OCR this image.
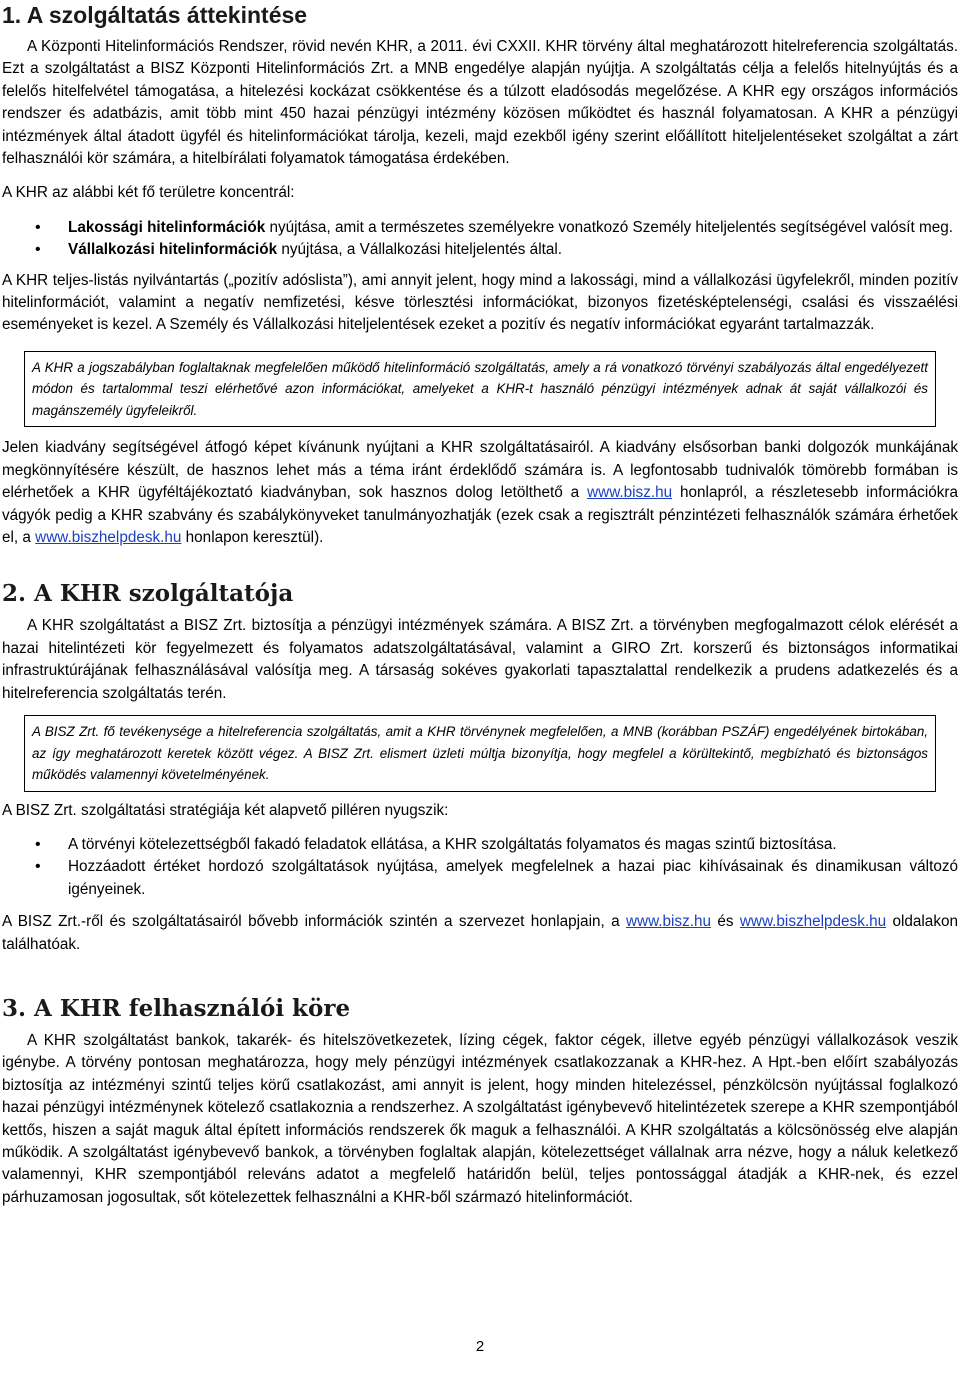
1. A szolgáltatás áttekintése

A Központi Hitelinformációs Rendszer, rövid nevén KHR, a 2011. évi CXXII. KHR törvény által meghatározott hitelreferencia szolgáltatás. Ezt a szolgáltatást a BISZ Központi Hitelinformációs Zrt. a MNB engedélye alapján nyújtja. A szolgáltatás célja a felelős hitelnyújtás és a felelős hitelfelvétel támogatása, a hitelezési kockázat csökkentése és a túlzott eladósodás megelőzése. A KHR egy országos információs rendszer és adatbázis, amit több mint 450 hazai pénzügyi intézmény közösen működtet és használ folyamatosan. A KHR a pénzügyi intézmények által átadott ügyfél és hitelinformációkat tárolja, kezeli, majd ezekből igény szerint előállított hiteljelentéseket szolgáltat a zárt felhasználói kör számára, a hitelbírálati folyamatok támogatása érdekében.

A KHR az alábbi két fő területre koncentrál:

• Lakossági hitelinformációk nyújtása, amit a természetes személyekre vonatkozó Személy hiteljelentés segítségével valósít meg.
• Vállalkozási hitelinformációk nyújtása, a Vállalkozási hiteljelentés által.

A KHR teljes-listás nyilvántartás („pozitív adóslista”), ami annyit jelent, hogy mind a lakossági, mind a vállalkozási ügyfelekről, minden pozitív hitelinformációt, valamint a negatív nemfizetési, késve törlesztési információkat, bizonyos fizetésképtelenségi, csalási és visszaélési eseményeket is kezel. A Személy és Vállalkozási hiteljelentések ezeket a pozitív és negatív információkat egyaránt tartalmazzák.

A KHR a jogszabályban foglaltaknak megfelelően működő hitelinformáció szolgáltatás, amely a rá vonatkozó törvényi szabályozás által engedélyezett módon és tartalommal teszi elérhetővé azon információkat, amelyeket a KHR-t használó pénzügyi intézmények adnak át saját vállalkozói és magánszemély ügyfeleikről.

Jelen kiadvány segítségével átfogó képet kívánunk nyújtani a KHR szolgáltatásairól. A kiadvány elsősorban banki dolgozók munkájának megkönnyítésére készült, de hasznos lehet más a téma iránt érdeklődő számára is. A legfontosabb tudnivalók tömörebb formában is elérhetőek a KHR ügyféltájékoztató kiadványban, sok hasznos dolog letölthető a www.bisz.hu honlapról, a részletesebb információkra vágyók pedig a KHR szabvány és szabálykönyveket tanulmányozhatják (ezek csak a regisztrált pénzintézeti felhasználók számára érhetőek el, a www.biszhelpdesk.hu honlapon keresztül).

2. A KHR szolgáltatója

A KHR szolgáltatást a BISZ Zrt. biztosítja a pénzügyi intézmények számára. A BISZ Zrt. a törvényben megfogalmazott célok elérését a hazai hitelintézeti kör fegyelmezett és folyamatos adatszolgáltatásával, valamint a GIRO Zrt. korszerű és biztonságos informatikai infrastruktúrájának felhasználásával valósítja meg. A társaság sokéves gyakorlati tapasztalattal rendelkezik a prudens adatkezelés és a hitelreferencia szolgáltatás terén.

A BISZ Zrt. fő tevékenysége a hitelreferencia szolgáltatás, amit a KHR törvénynek megfelelően, a MNB (korábban PSZÁF) engedélyének birtokában, az így meghatározott keretek között végez. A BISZ Zrt. elismert üzleti múltja bizonyítja, hogy megfelel a körültekintő, megbízható és biztonságos működés valamennyi követelményének.

A BISZ Zrt. szolgáltatási stratégiája két alapvető pilléren nyugszik:

• A törvényi kötelezettségből fakadó feladatok ellátása, a KHR szolgáltatás folyamatos és magas szintű biztosítása.
• Hozzáadott értéket hordozó szolgáltatások nyújtása, amelyek megfelelnek a hazai piac kihívásainak és dinamikusan változó igényeinek.

A BISZ Zrt.-ről és szolgáltatásairól bővebb információk szintén a szervezet honlapjain, a www.bisz.hu és www.biszhelpdesk.hu oldalakon találhatóak.

3. A KHR felhasználói köre

A KHR szolgáltatást bankok, takarék- és hitelszövetkezetek, lízing cégek, faktor cégek, illetve egyéb pénzügyi vállalkozások veszik igénybe. A törvény pontosan meghatározza, hogy mely pénzügyi intézmények csatlakozzanak a KHR-hez. A Hpt.-ben előírt szabályozás biztosítja az intézményi szintű teljes körű csatlakozást, ami annyit is jelent, hogy minden hitelezéssel, pénzkölcsön nyújtással foglalkozó hazai pénzügyi intézménynek kötelező csatlakoznia a rendszerhez. A szolgáltatást igénybevevő hitelintézetek szerepe a KHR szempontjából kettős, hiszen a saját maguk által épített információs rendszerek ők maguk a felhasználói. A KHR szolgáltatás a kölcsönösség elve alapján működik. A szolgáltatást igénybevevő bankok, a törvényben foglaltak alapján, kötelezettséget vállalnak arra nézve, hogy a náluk keletkező valamennyi, KHR szempontjából releváns adatot a megfelelő határidőn belül, teljes pontossággal átadják a KHR-nek, és ezzel párhuzamosan jogosultak, sőt kötelezettek felhasználni a KHR-ből származó hitelinformációt.

2
